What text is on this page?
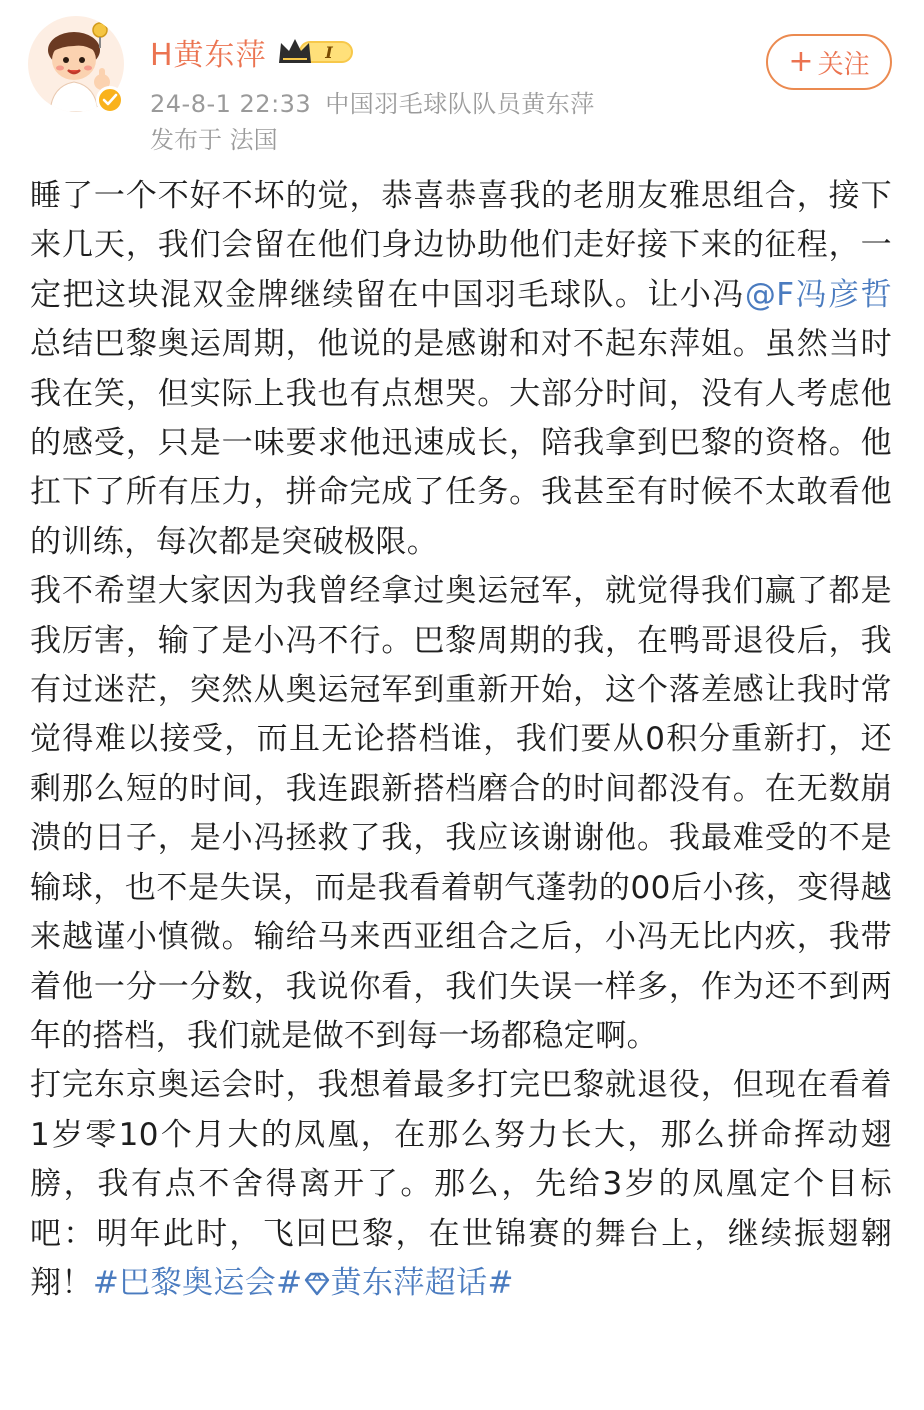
H黄东萍	I
24-8-1 22:33 中国羽毛球队队员黄东萍
发布于 法国
+ 关注

睡了一个不好不坏的觉，恭喜恭喜我的老朋友雅思组合，接下来几天，我们会留在他们身边协助他们走好接下来的征程，一定把这块混双金牌继续留在中国羽毛球队。让小冯@F冯彦哲 总结巴黎奥运周期，他说的是感谢和对不起东萍姐。虽然当时我在笑，但实际上我也有点想哭。大部分时间，没有人考虑他的感受，只是一味要求他迅速成长，陪我拿到巴黎的资格。他扛下了所有压力，拼命完成了任务。我甚至有时候不太敢看他的训练，每次都是突破极限。

我不希望大家因为我曾经拿过奥运冠军，就觉得我们赢了都是我厉害，输了是小冯不行。巴黎周期的我，在鸭哥退役后，我有过迷茫，突然从奥运冠军到重新开始，这个落差感让我时常觉得难以接受，而且无论搭档谁，我们要从0积分重新打，还剩那么短的时间，我连跟新搭档磨合的时间都没有。在无数崩溃的日子，是小冯拯救了我，我应该谢谢他。我最难受的不是输球，也不是失误，而是我看着朝气蓬勃的00后小孩，变得越来越谨小慎微。输给马来西亚组合之后，小冯无比内疚，我带着他一分一分数，我说你看，我们失误一样多，作为还不到两年的搭档，我们就是做不到每一场都稳定啊。

打完东京奥运会时，我想着最多打完巴黎就退役，但现在看着1岁零10个月大的凤凰，在那么努力长大，那么拼命挥动翅膀，我有点不舍得离开了。那么，先给3岁的凤凰定个目标吧：明年此时，飞回巴黎，在世锦赛的舞台上，继续振翅翱翔！#巴黎奥运会# 黄东萍超话#
